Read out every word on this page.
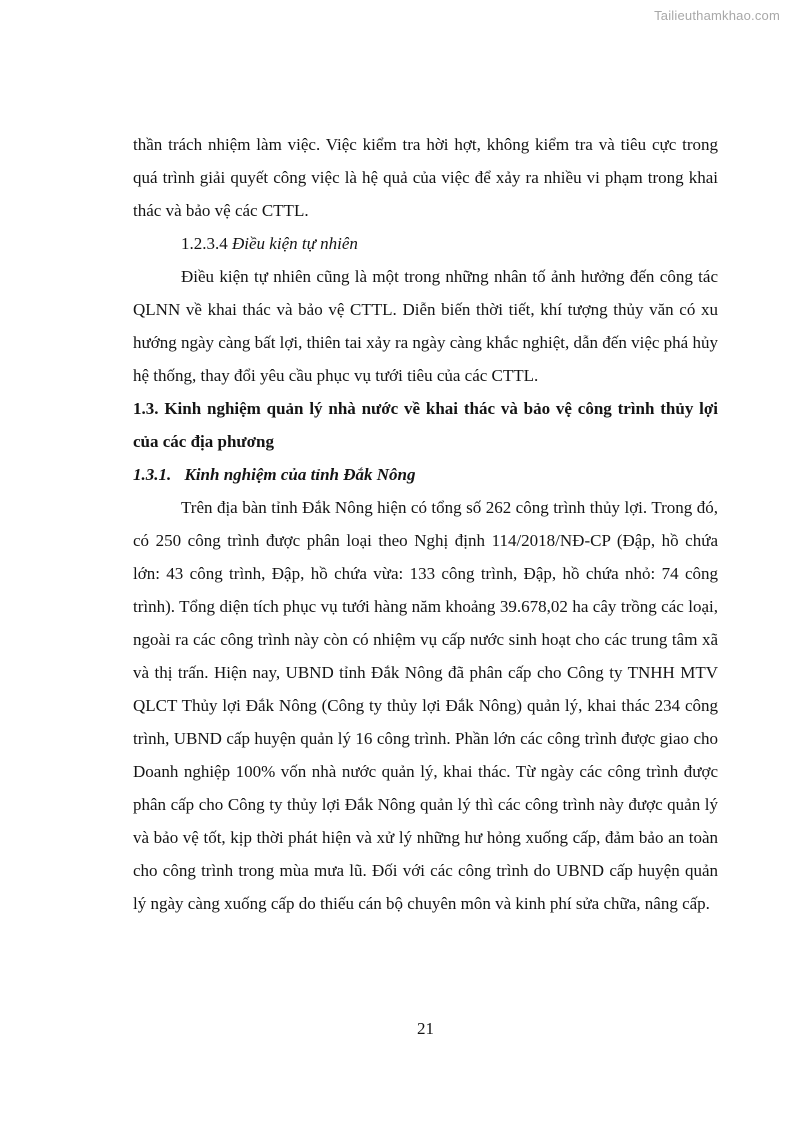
Tailieuthamkhao.com

thần trách nhiệm làm việc. Việc kiểm tra hời hợt, không kiểm tra và tiêu cực trong quá trình giải quyết công việc là hệ quả của việc để xảy ra nhiều vi phạm trong khai thác và bảo vệ các CTTL.

1.2.3.4 Điều kiện tự nhiên

Điều kiện tự nhiên cũng là một trong những nhân tố ảnh hưởng đến công tác QLNN về khai thác và bảo vệ CTTL. Diễn biến thời tiết, khí tượng thủy văn có xu hướng ngày càng bất lợi, thiên tai xảy ra ngày càng khắc nghiệt, dẫn đến việc phá hủy hệ thống, thay đổi yêu cầu phục vụ tưới tiêu của các CTTL.

1.3. Kinh nghiệm quản lý nhà nước về khai thác và bảo vệ công trình thủy lợi của các địa phương
1.3.1. Kinh nghiệm của tỉnh Đắk Nông

Trên địa bàn tỉnh Đắk Nông hiện có tổng số 262 công trình thủy lợi. Trong đó, có 250 công trình được phân loại theo Nghị định 114/2018/NĐ-CP (Đập, hồ chứa lớn: 43 công trình, Đập, hồ chứa vừa: 133 công trình, Đập, hồ chứa nhỏ: 74 công trình). Tổng diện tích phục vụ tưới hàng năm khoảng 39.678,02 ha cây trồng các loại, ngoài ra các công trình này còn có nhiệm vụ cấp nước sinh hoạt cho các trung tâm xã và thị trấn. Hiện nay, UBND tỉnh Đắk Nông đã phân cấp cho Công ty TNHH MTV QLCT Thủy lợi Đắk Nông (Công ty thủy lợi Đắk Nông) quản lý, khai thác 234 công trình, UBND cấp huyện quản lý 16 công trình. Phần lớn các công trình được giao cho Doanh nghiệp 100% vốn nhà nước quản lý, khai thác. Từ ngày các công trình được phân cấp cho Công ty thủy lợi Đắk Nông quản lý thì các công trình này được quản lý và bảo vệ tốt, kịp thời phát hiện và xử lý những hư hỏng xuống cấp, đảm bảo an toàn cho công trình trong mùa mưa lũ. Đối với các công trình do UBND cấp huyện quản lý ngày càng xuống cấp do thiếu cán bộ chuyên môn và kinh phí sửa chữa, nâng cấp.

21
